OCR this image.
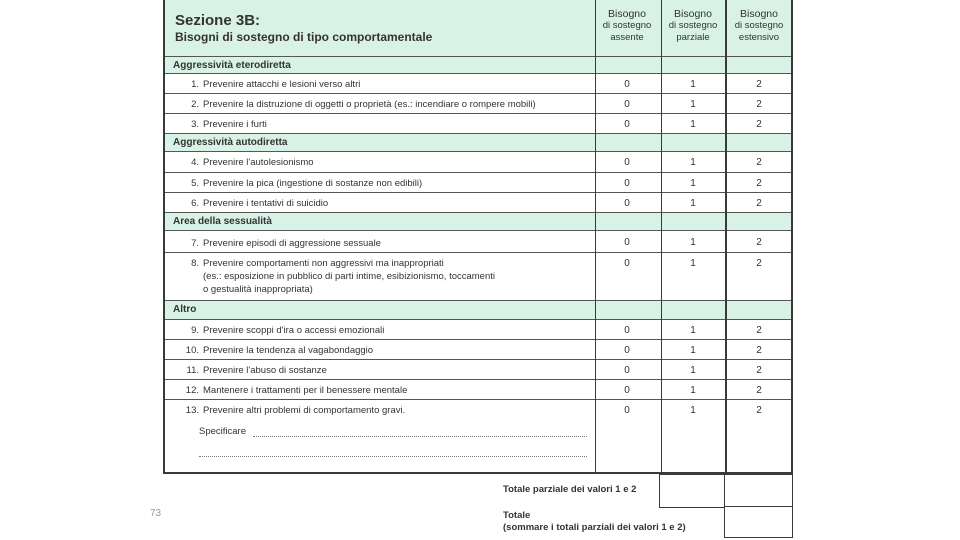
Sezione 3B:
Bisogni di sostegno di tipo comportamentale
Bisogno
di sostegno
assente
Bisogno
di sostegno
parziale
Bisogno
di sostegno
estensivo
Aggressività eterodiretta
1. Prevenire attacchi e lesioni verso altri	0	1	2
2. Prevenire la distruzione di oggetti o proprietà (es.: incendiare o rompere mobili)	0	1	2
3. Prevenire i furti	0	1	2
Aggressività autodiretta
4. Prevenire l'autolesionismo	0	1	2
5. Prevenire la pica (ingestione di sostanze non edibili)	0	1	2
6. Prevenire i tentativi di suicidio	0	1	2
Area della sessualità
7. Prevenire episodi di aggressione sessuale	0	1	2
8. Prevenire comportamenti non aggressivi ma inappropriati
(es.: esposizione in pubblico di parti intime, esibizionismo, toccamenti
o gestualità inappropriata)
0	1	2
Altro
9. Prevenire scoppi d'ira o accessi emozionali	0	1	2
10. Prevenire la tendenza al vagabondaggio	0	1	2
11. Prevenire l'abuso di sostanze	0	1	2
12. Mantenere i trattamenti per il benessere mentale	0	1	2
13. Prevenire altri problemi di comportamento gravi.	0	1	2
Specificare
Totale parziale dei valori 1 e 2
Totale
(sommare i totali parziali dei valori 1 e 2)
73
